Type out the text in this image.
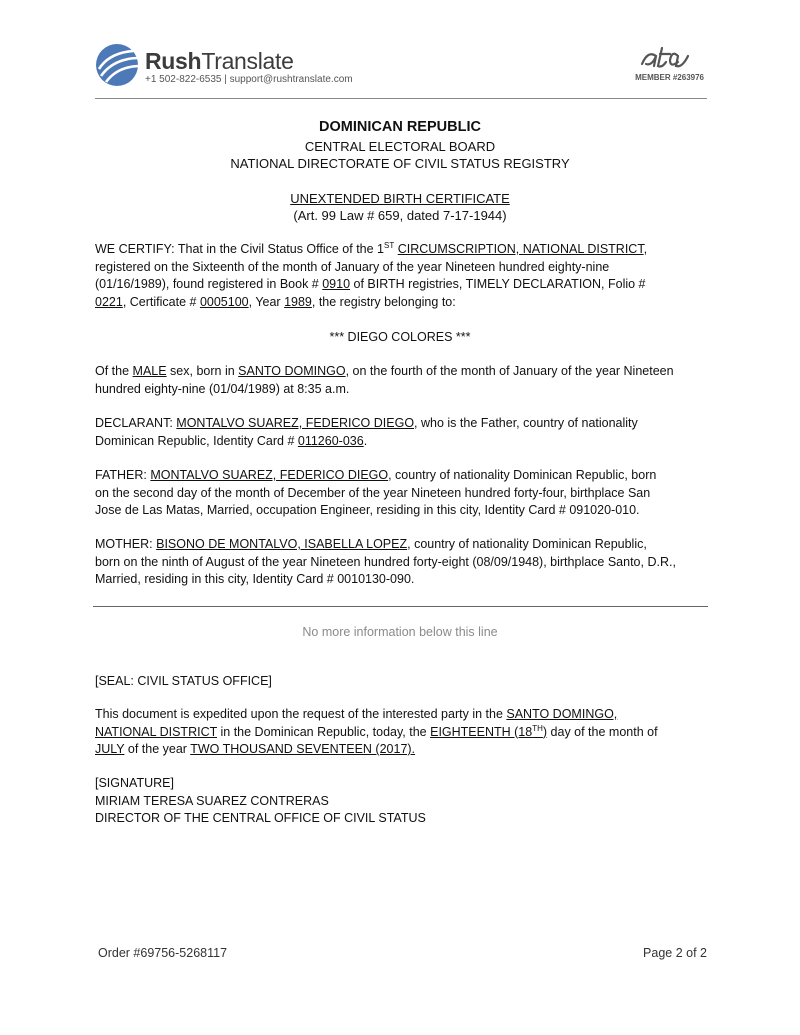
RushTranslate
+1 502-822-6535 | support@rushtranslate.com	MEMBER #263976
DOMINICAN REPUBLIC
CENTRAL ELECTORAL BOARD
NATIONAL DIRECTORATE OF CIVIL STATUS REGISTRY
UNEXTENDED BIRTH CERTIFICATE
(Art. 99 Law # 659, dated 7-17-1944)
WE CERTIFY: That in the Civil Status Office of the 1ST CIRCUMSCRIPTION, NATIONAL DISTRICT,
registered on the Sixteenth of the month of January of the year Nineteen hundred eighty-nine
(01/16/1989), found registered in Book # 0910 of BIRTH registries, TIMELY DECLARATION, Folio #
0221, Certificate # 0005100, Year 1989, the registry belonging to:
*** DIEGO COLORES ***
Of the MALE sex, born in SANTO DOMINGO, on the fourth of the month of January of the year Nineteen
hundred eighty-nine (01/04/1989) at 8:35 a.m.
DECLARANT: MONTALVO SUAREZ, FEDERICO DIEGO, who is the Father, country of nationality
Dominican Republic, Identity Card # 011260-036.
FATHER: MONTALVO SUAREZ, FEDERICO DIEGO, country of nationality Dominican Republic, born
on the second day of the month of December of the year Nineteen hundred forty-four, birthplace San
Jose de Las Matas, Married, occupation Engineer, residing in this city, Identity Card # 091020-010.
MOTHER: BISONO DE MONTALVO, ISABELLA LOPEZ, country of nationality Dominican Republic,
born on the ninth of August of the year Nineteen hundred forty-eight (08/09/1948), birthplace Santo, D.R.,
Married, residing in this city, Identity Card # 0010130-090.
No more information below this line
[SEAL: CIVIL STATUS OFFICE]
This document is expedited upon the request of the interested party in the SANTO DOMINGO,
NATIONAL DISTRICT in the Dominican Republic, today, the EIGHTEENTH (18TH) day of the month of
JULY of the year TWO THOUSAND SEVENTEEN (2017).
[SIGNATURE]
MIRIAM TERESA SUAREZ CONTRERAS
DIRECTOR OF THE CENTRAL OFFICE OF CIVIL STATUS
Order #69756-5268117	Page 2 of 2
